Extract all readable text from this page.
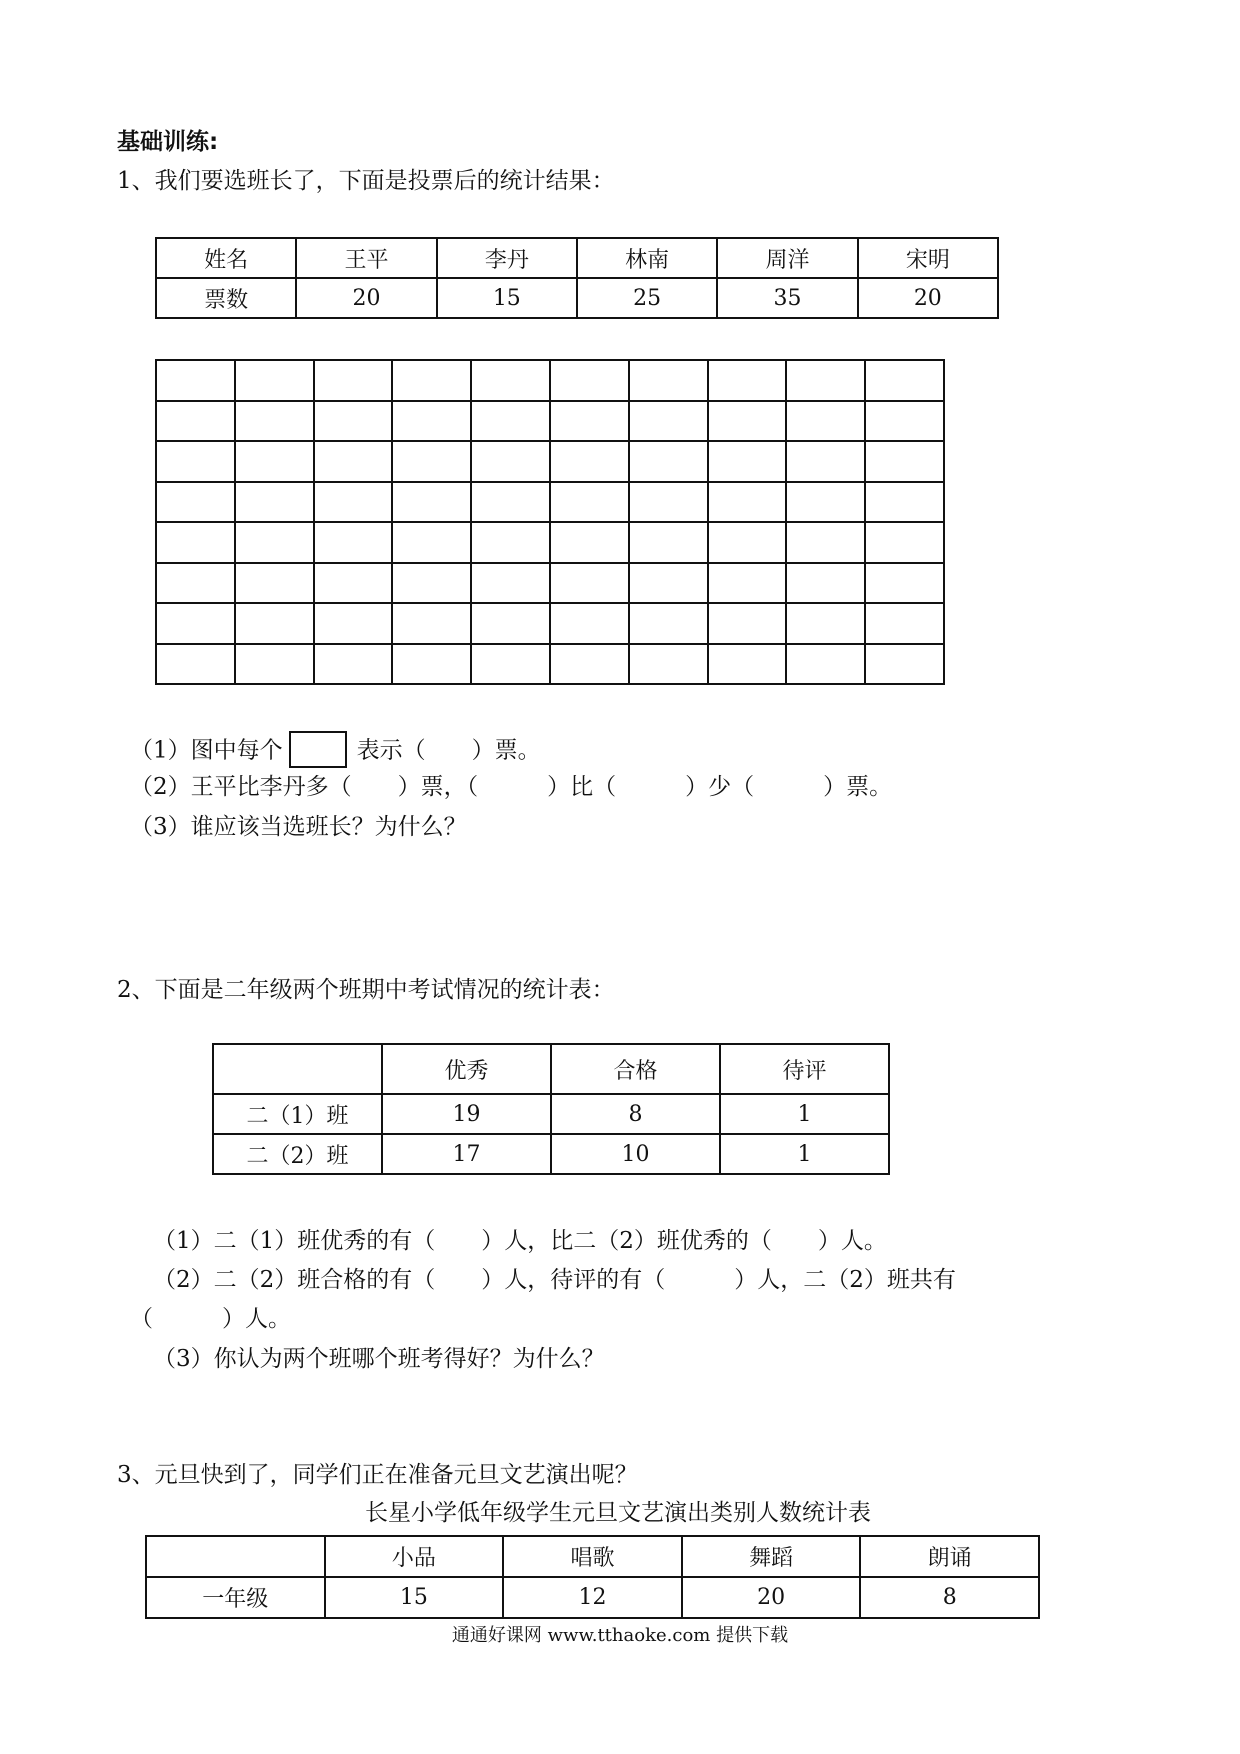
基础训练:
1、我们要选班长了，下面是投票后的统计结果：
姓名	王平	李丹	林南	周洋	宋明
票数	20	15	25	35	20

（1）图中每个	表示（　　）票。
（2）王平比李丹多（　　）票，（　　　）比（　　　）少（　　　）票。
（3）谁应该当选班长？为什么？
2、下面是二年级两个班期中考试情况的统计表：
	优秀	合格	待评
二（1）班	19	8	1
二（2）班	17	10	1
（1）二（1）班优秀的有（　　）人，比二（2）班优秀的（　　）人。
（2）二（2）班合格的有（　　）人，待评的有（　　　）人，二（2）班共有
（　　　）人。
（3）你认为两个班哪个班考得好？为什么？
3、元旦快到了，同学们正在准备元旦文艺演出呢？
长星小学低年级学生元旦文艺演出类别人数统计表
	小品	唱歌	舞蹈	朗诵
一年级	15	12	20	8
通通好课网 www.tthaoke.com 提供下载
